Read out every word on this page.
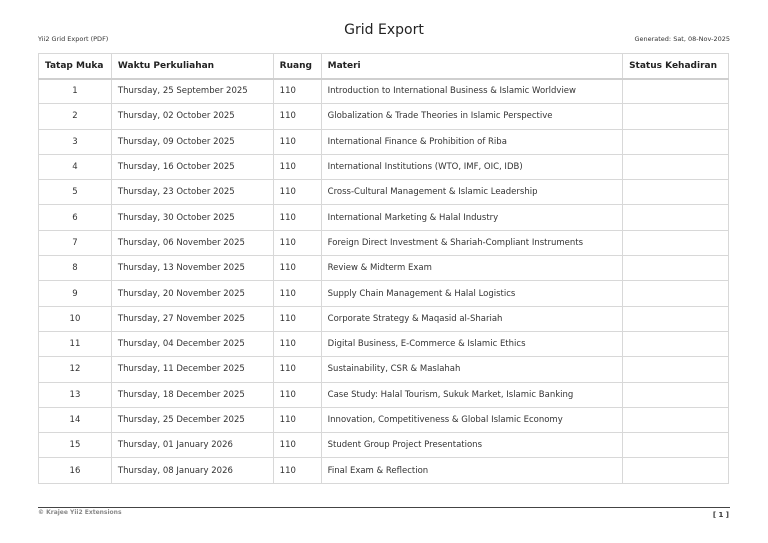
Yii2 Grid Export (PDF)
Grid Export
Generated: Sat, 08-Nov-2025
Tatap Muka	Waktu Perkuliahan	Ruang	Materi	Status Kehadiran
1	Thursday, 25 September 2025	110	Introduction to International Business & Islamic Worldview	
2	Thursday, 02 October 2025	110	Globalization & Trade Theories in Islamic Perspective	
3	Thursday, 09 October 2025	110	International Finance & Prohibition of Riba	
4	Thursday, 16 October 2025	110	International Institutions (WTO, IMF, OIC, IDB)	
5	Thursday, 23 October 2025	110	Cross-Cultural Management & Islamic Leadership	
6	Thursday, 30 October 2025	110	International Marketing & Halal Industry	
7	Thursday, 06 November 2025	110	Foreign Direct Investment & Shariah-Compliant Instruments	
8	Thursday, 13 November 2025	110	Review & Midterm Exam	
9	Thursday, 20 November 2025	110	Supply Chain Management & Halal Logistics	
10	Thursday, 27 November 2025	110	Corporate Strategy & Maqasid al-Shariah	
11	Thursday, 04 December 2025	110	Digital Business, E-Commerce & Islamic Ethics	
12	Thursday, 11 December 2025	110	Sustainability, CSR & Maslahah	
13	Thursday, 18 December 2025	110	Case Study: Halal Tourism, Sukuk Market, Islamic Banking	
14	Thursday, 25 December 2025	110	Innovation, Competitiveness & Global Islamic Economy	
15	Thursday, 01 January 2026	110	Student Group Project Presentations	
16	Thursday, 08 January 2026	110	Final Exam & Reflection	
© Krajee Yii2 Extensions	[ 1 ]
